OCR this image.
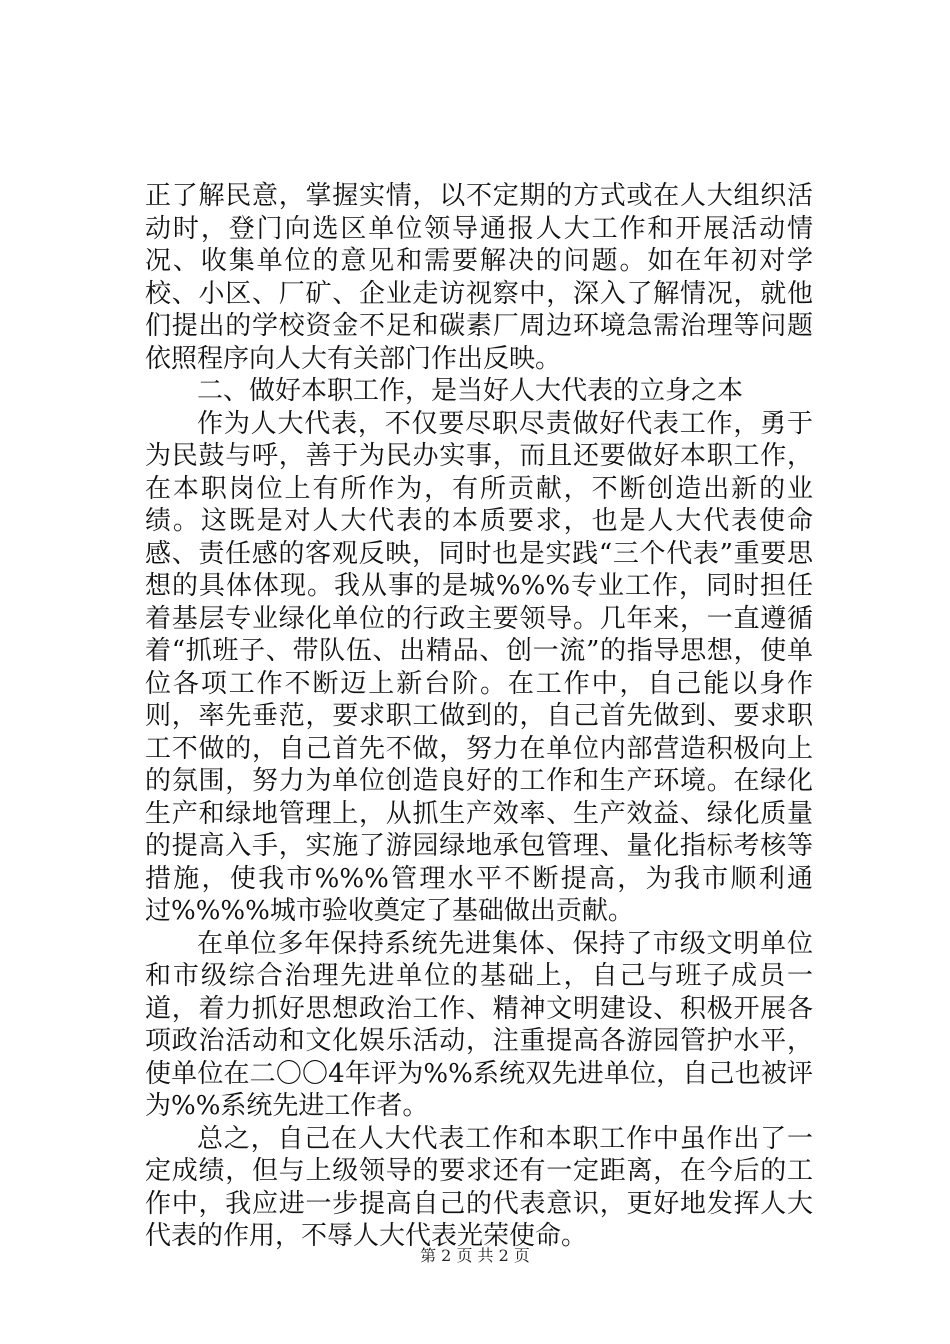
正了解民意，掌握实情，以不定期的方式或在人大组织活动时，登门向选区单位领导通报人大工作和开展活动情况、收集单位的意见和需要解决的问题。如在年初对学校、小区、厂矿、企业走访视察中，深入了解情况，就他们提出的学校资金不足和碳素厂周边环境急需治理等问题依照程序向人大有关部门作出反映。

二、做好本职工作，是当好人大代表的立身之本

作为人大代表，不仅要尽职尽责做好代表工作，勇于为民鼓与呼，善于为民办实事，而且还要做好本职工作，在本职岗位上有所作为，有所贡献，不断创造出新的业绩。这既是对人大代表的本质要求，也是人大代表使命感、责任感的客观反映，同时也是实践“三个代表”重要思想的具体体现。我从事的是城%%%专业工作，同时担任着基层专业绿化单位的行政主要领导。几年来，一直遵循着“抓班子、带队伍、出精品、创一流”的指导思想，使单位各项工作不断迈上新台阶。在工作中，自己能以身作则，率先垂范，要求职工做到的，自己首先做到、要求职工不做的，自己首先不做，努力在单位内部营造积极向上的氛围，努力为单位创造良好的工作和生产环境。在绿化生产和绿地管理上，从抓生产效率、生产效益、绿化质量的提高入手，实施了游园绿地承包管理、量化指标考核等措施，使我市%%%管理水平不断提高，为我市顺利通过%%%%城市验收奠定了基础做出贡献。

在单位多年保持系统先进集体、保持了市级文明单位和市级综合治理先进单位的基础上，自己与班子成员一道，着力抓好思想政治工作、精神文明建设、积极开展各项政治活动和文化娱乐活动，注重提高各游园管护水平，使单位在二〇〇4年评为%%系统双先进单位，自己也被评为%%系统先进工作者。

总之，自己在人大代表工作和本职工作中虽作出了一定成绩，但与上级领导的要求还有一定距离，在今后的工作中，我应进一步提高自己的代表意识，更好地发挥人大代表的作用，不辱人大代表光荣使命。

第 2 页 共 2 页
